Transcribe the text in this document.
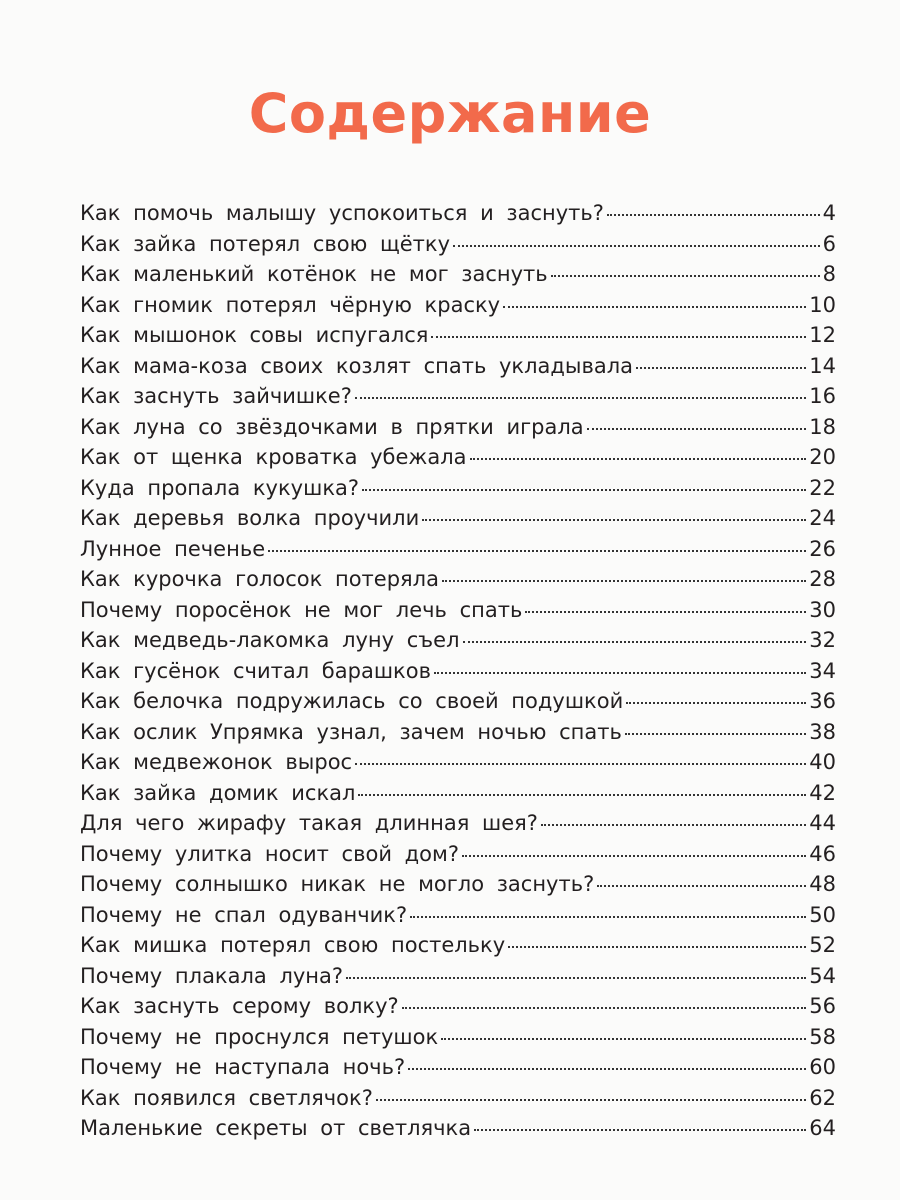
Содержание
Как помочь малышу успокоиться и заснуть?	4
Как зайка потерял свою щётку	6
Как маленький котёнок не мог заснуть	8
Как гномик потерял чёрную краску	10
Как мышонок совы испугался	12
Как мама-коза своих козлят спать укладывала	14
Как заснуть зайчишке?	16
Как луна со звёздочками в прятки играла	18
Как от щенка кроватка убежала	20
Куда пропала кукушка?	22
Как деревья волка проучили	24
Лунное печенье	26
Как курочка голосок потеряла	28
Почему поросёнок не мог лечь спать	30
Как медведь-лакомка луну съел	32
Как гусёнок считал барашков	34
Как белочка подружилась со своей подушкой	36
Как ослик Упрямка узнал, зачем ночью спать	38
Как медвежонок вырос	40
Как зайка домик искал	42
Для чего жирафу такая длинная шея?	44
Почему улитка носит свой дом?	46
Почему солнышко никак не могло заснуть?	48
Почему не спал одуванчик?	50
Как мишка потерял свою постельку	52
Почему плакала луна?	54
Как заснуть серому волку?	56
Почему не проснулся петушок	58
Почему не наступала ночь?	60
Как появился светлячок?	62
Маленькие секреты от светлячка	64
